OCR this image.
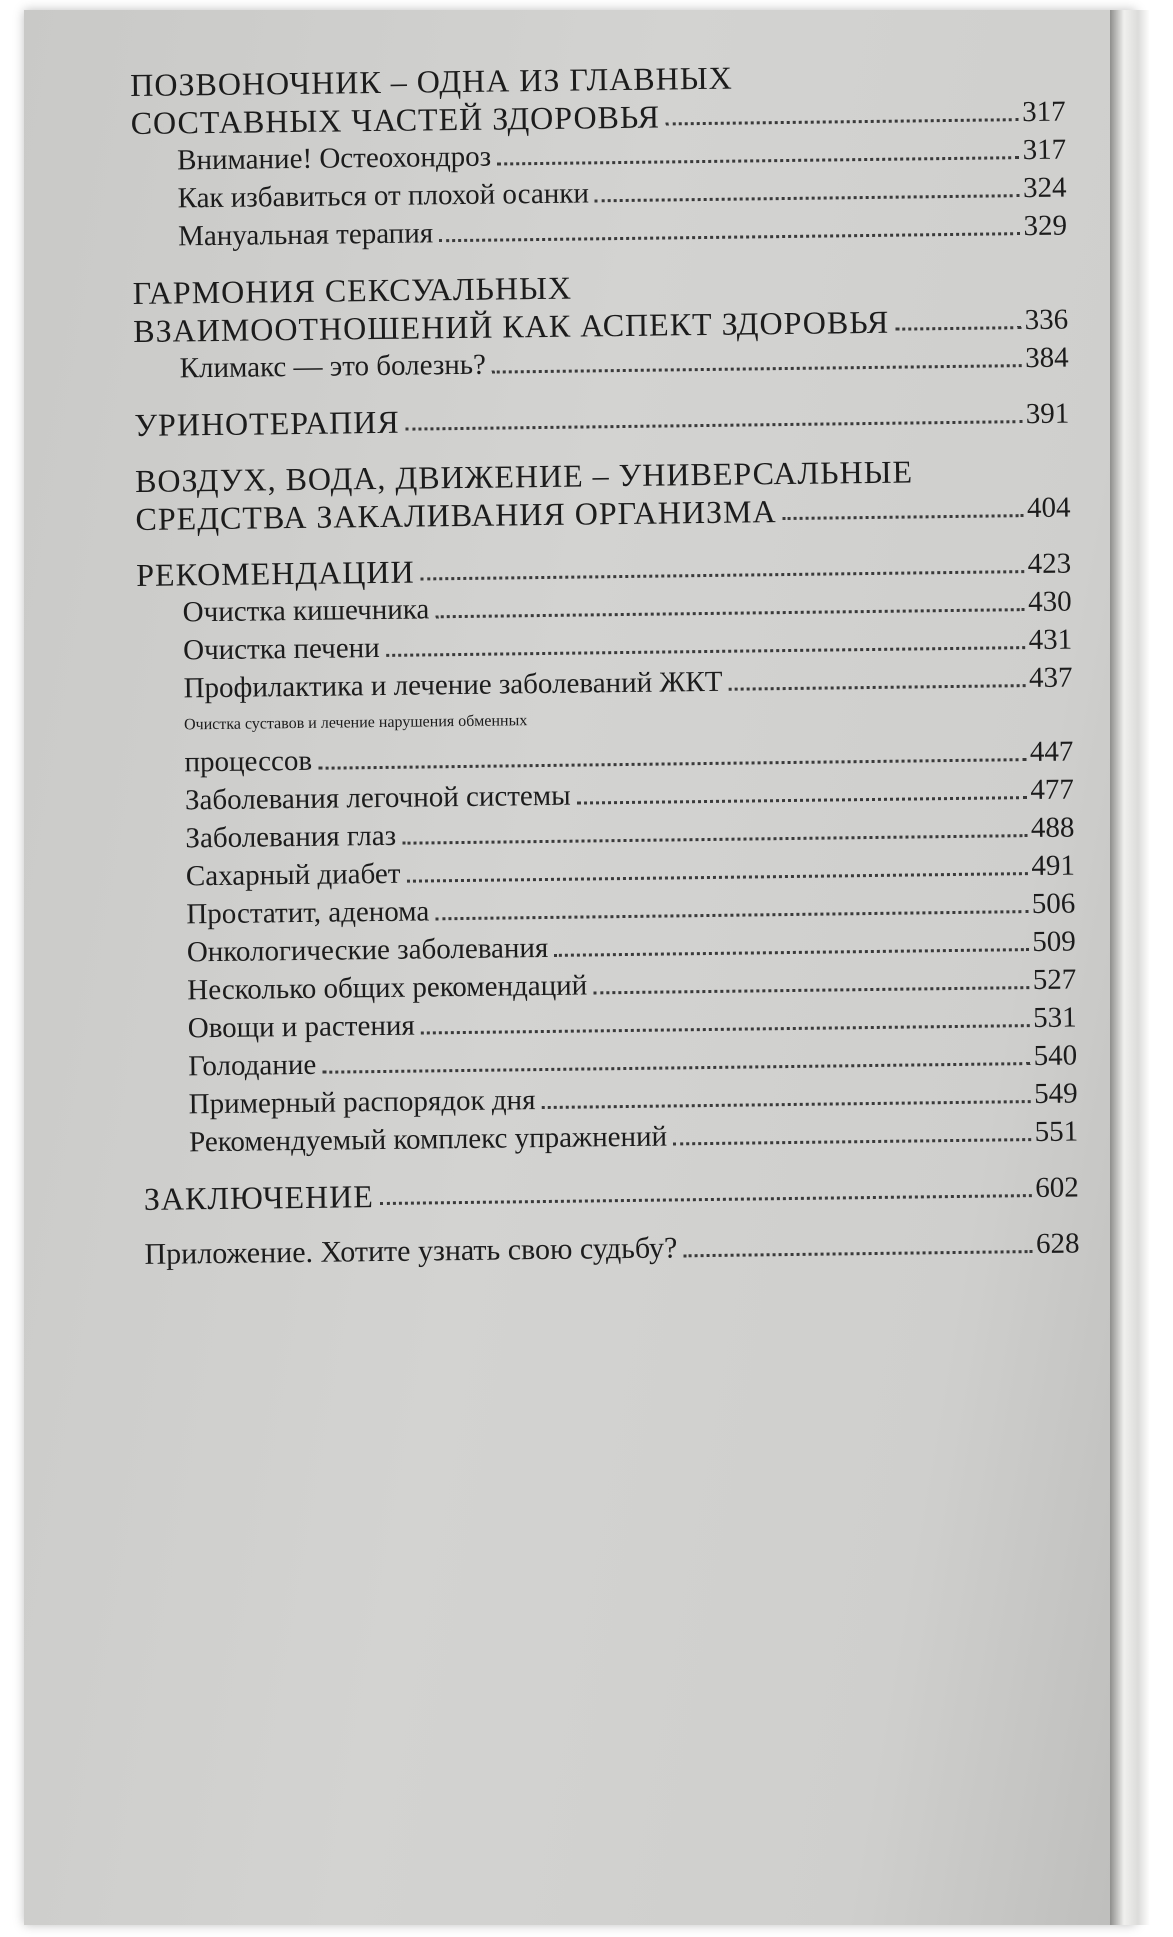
ПОЗВОНОЧНИК – ОДНА ИЗ ГЛАВНЫХ
СОСТАВНЫХ ЧАСТЕЙ ЗДОРОВЬЯ	317
Внимание! Остеохондроз	317
Как избавиться от плохой осанки	324
Мануальная терапия	329
ГАРМОНИЯ СЕКСУАЛЬНЫХ
ВЗАИМООТНОШЕНИЙ КАК АСПЕКТ ЗДОРОВЬЯ	336
Климакс — это болезнь?	384
УРИНОТЕРАПИЯ	391
ВОЗДУХ, ВОДА, ДВИЖЕНИЕ – УНИВЕРСАЛЬНЫЕ
СРЕДСТВА ЗАКАЛИВАНИЯ ОРГАНИЗМА	404
РЕКОМЕНДАЦИИ	423
Очистка кишечника	430
Очистка печени	431
Профилактика и лечение заболеваний ЖКТ	437
Очистка суставов и лечение нарушения обменных
процессов	447
Заболевания легочной системы	477
Заболевания глаз	488
Сахарный диабет	491
Простатит, аденома	506
Онкологические заболевания	509
Несколько общих рекомендаций	527
Овощи и растения	531
Голодание	540
Примерный распорядок дня	549
Рекомендуемый комплекс упражнений	551
ЗАКЛЮЧЕНИЕ	602
Приложение. Хотите узнать свою судьбу?	628
